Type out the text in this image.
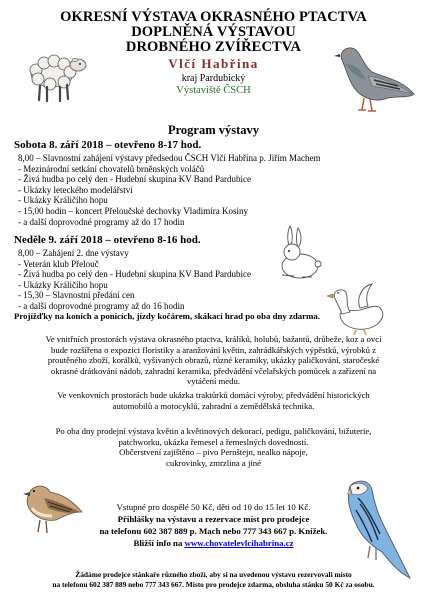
OKRESNÍ VÝSTAVA OKRASNÉHO PTACTVA
DOPLNĚNÁ VÝSTAVOU
DROBNÉHO ZVÍŘECTVA
Vlčí Habřina
kraj Pardubický
Výstaviště ČSCH
Program výstavy
Sobota 8. září 2018 – otevřeno 8-17 hod.
8,00 – Slavnostní zahájení výstavy předsedou ČSCH Vlčí Habřina p. Jiřím Machem
- Mezinárodní setkání chovatelů brněnských voláčů
- Živá hudba po celý den - Hudební skupina KV Band Pardubice
- Ukázky leteckého modelářství
- Ukázky Králičího hopu
- 15,00 hodin – koncert Přeloučské dechovky Vladimíra Kosiny
- a další doprovodné programy až do 17 hodin
Neděle 9. září 2018 – otevřeno 8-16 hod.
8,00 – Zahájení 2. dne výstavy
- Veterán klub Přelouč
- Živá hudba po celý den - Hudební skupina KV Band Pardubice
- Ukázky Králičího hopu
- 15,30 – Slavnostní předání cen
- a další doprovodné programy až do 16 hodin
Projížďky na koních a ponících, jízdy kočárem, skákací hrad po oba dny zdarma.
Ve vnitřních prostorách výstava okrasného ptactva, králíků, holubů, bažantů, drůbeže, koz a ovcí
bude rozšířena o expozici floristiky a aranžování květin, zahrádkářských výpěstků, výrobků z
proutěného zboží, korálků, vyšívaných obrazů, různé keramiky, ukázky paličkování, staročeské
okrasné drátkování nádob, zahradní keramika, předvádění včelařských pomůcek a zařízení na
vytáčení medu.
Ve venkovních prostorách bude ukázka traktůrků domácí výroby, předvádění historických
automobilů a motocyklů, zahradní a zemědělská technika.
Po oba dny prodejní výstava květin a květinových dekorací, pedigu, paličkování, bižuterie,
patchworku, ukázka řemesel a řemeslných dovedností.
Občerstvení zajištěno – pivo Pernštejn, nealko nápoje,
cukrovinky, zmrzlina a jiné
Vstupné pro dospělé 50 Kč, děti od 10 do 15 let 10 Kč.
Přihlášky na výstavu a rezervace míst pro prodejce
na telefonu 602 387 889 p. Mach nebo 777 343 667 p. Knížek.
Bližší info na www.chovatelevlcihabrina.cz
Žádáme prodejce stánkaře různého zboží, aby si na uvedenou výstavu rezervovali místo
na telefonu 602 387 889 nebo 777 343 667. Místo pro prodejce zdarma, obsluha stánku 50 Kč za osobu.
